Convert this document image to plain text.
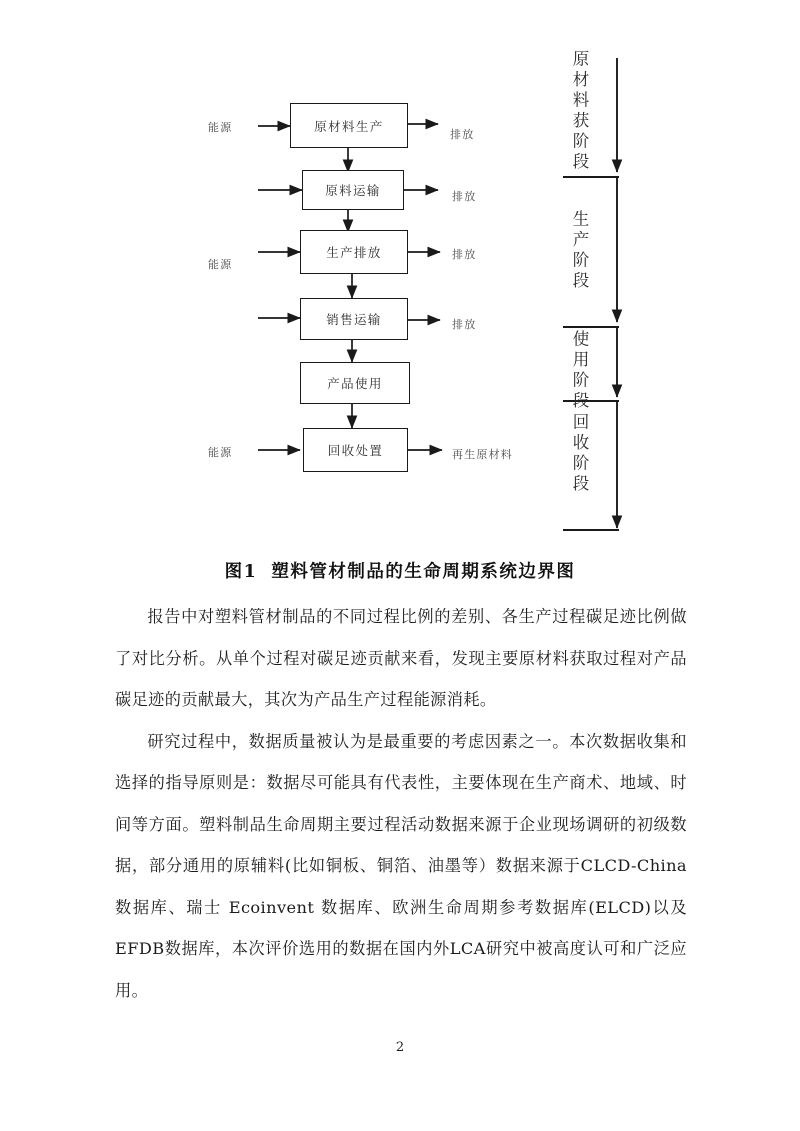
原材料生产
原料运输
生产排放
销售运输
产品使用
回收处置
能源
能源
能源
排放
排放
排放
排放
再生原材料
原材料获阶段
生产阶段
使用阶段
回收阶段
图1 塑料管材制品的生命周期系统边界图

报告中对塑料管材制品的不同过程比例的差别、各生产过程碳足迹比例做了对比分析。从单个过程对碳足迹贡献来看，发现主要原材料获取过程对产品碳足迹的贡献最大，其次为产品生产过程能源消耗。

研究过程中，数据质量被认为是最重要的考虑因素之一。本次数据收集和选择的指导原则是：数据尽可能具有代表性，主要体现在生产商术、地域、时间等方面。塑料制品生命周期主要过程活动数据来源于企业现场调研的初级数据，部分通用的原辅料(比如铜板、铜箔、油墨等）数据来源于CLCD-China 数据库、瑞士 Ecoinvent 数据库、欧洲生命周期参考数据库(ELCD)以及EFDB数据库，本次评价选用的数据在国内外LCA研究中被高度认可和广泛应用。

2
